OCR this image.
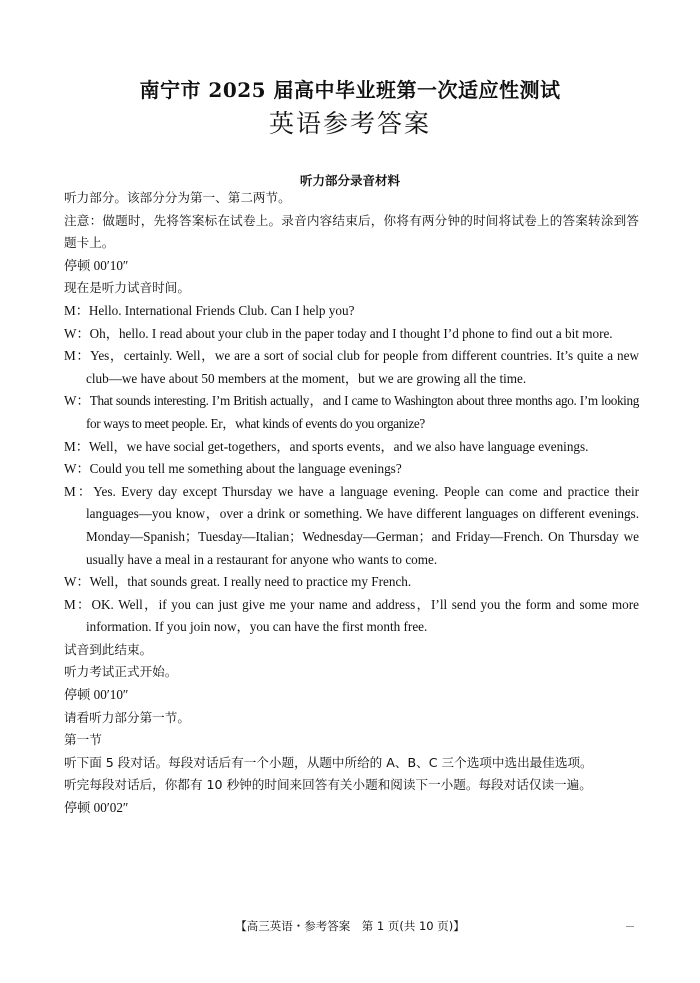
南宁市 2025 届高中毕业班第一次适应性测试
英语参考答案
听力部分录音材料
听力部分。该部分分为第一、第二两节。
注意：做题时，先将答案标在试卷上。录音内容结束后，你将有两分钟的时间将试卷上的答案转涂到答题卡上。
停顿 00′10″
现在是听力试音时间。
M：Hello. International Friends Club. Can I help you?
W：Oh，hello. I read about your club in the paper today and I thought I’d phone to find out a bit more.
M：Yes，certainly. Well，we are a sort of social club for people from different countries. It’s quite a new club—we have about 50 members at the moment，but we are growing all the time.
W：That sounds interesting. I’m British actually，and I came to Washington about three months ago. I’m looking for ways to meet people. Er，what kinds of events do you organize?
M：Well，we have social get-togethers，and sports events，and we also have language evenings.
W：Could you tell me something about the language evenings?
M：Yes. Every day except Thursday we have a language evening. People can come and practice their languages—you know，over a drink or something. We have different languages on different evenings. Monday—Spanish；Tuesday—Italian；Wednesday—German；and Friday—French. On Thursday we usually have a meal in a restaurant for anyone who wants to come.
W：Well，that sounds great. I really need to practice my French.
M：OK. Well，if you can just give me your name and address，I’ll send you the form and some more information. If you join now，you can have the first month free.
试音到此结束。
听力考试正式开始。
停顿 00′10″
请看听力部分第一节。
第一节
听下面 5 段对话。每段对话后有一个小题，从题中所给的 A、B、C 三个选项中选出最佳选项。
听完每段对话后，你都有 10 秒钟的时间来回答有关小题和阅读下一小题。每段对话仅读一遍。
停顿 00′02″
【高三英语・参考答案　第 1 页(共 10 页)】
